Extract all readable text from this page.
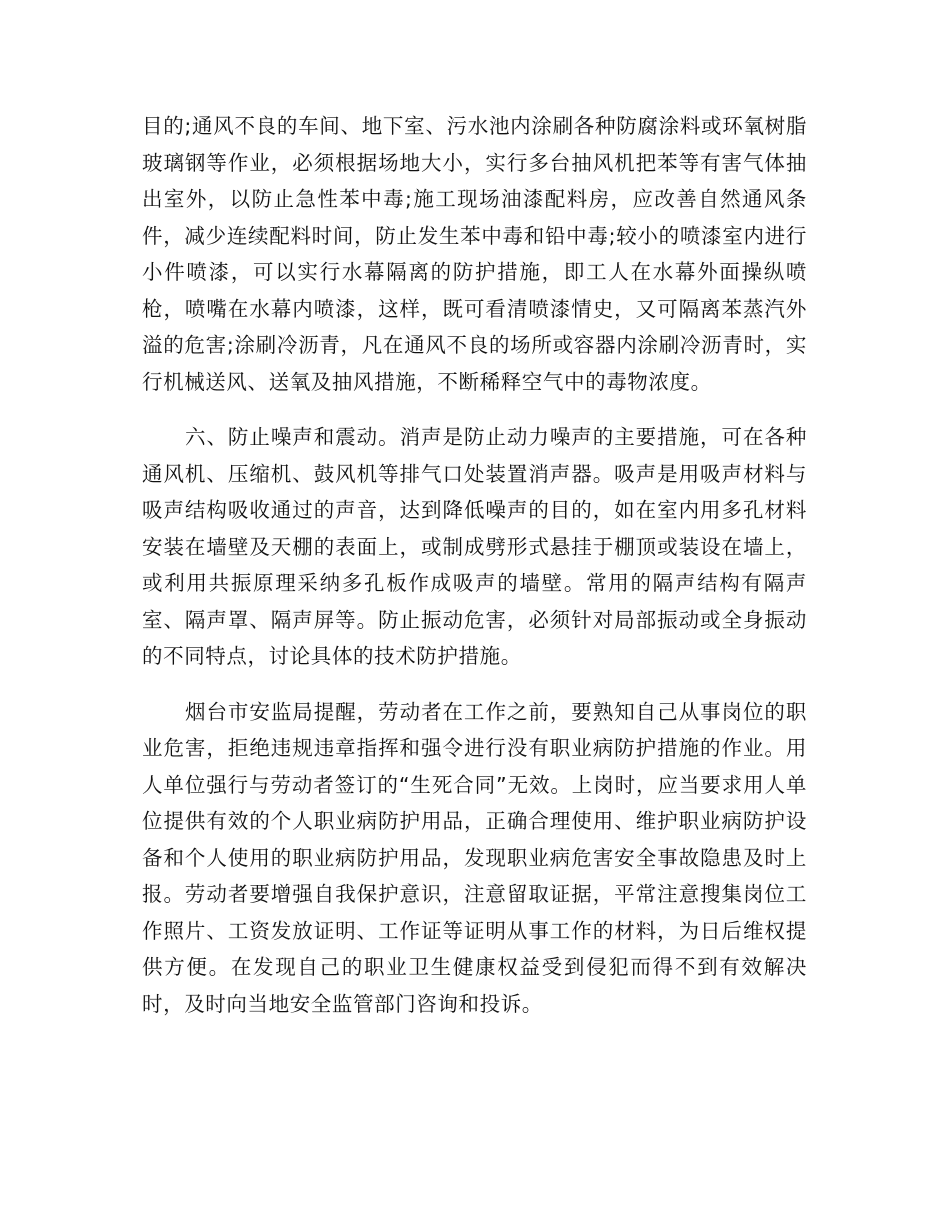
目的;通风不良的车间、地下室、污水池内涂刷各种防腐涂料或环氧树脂玻璃钢等作业，必须根据场地大小，实行多台抽风机把苯等有害气体抽出室外，以防止急性苯中毒;施工现场油漆配料房，应改善自然通风条件，减少连续配料时间，防止发生苯中毒和铅中毒;较小的喷漆室内进行小件喷漆，可以实行水幕隔离的防护措施，即工人在水幕外面操纵喷枪，喷嘴在水幕内喷漆，这样，既可看清喷漆情史，又可隔离苯蒸汽外溢的危害;涂刷冷沥青，凡在通风不良的场所或容器内涂刷冷沥青时，实行机械送风、送氧及抽风措施，不断稀释空气中的毒物浓度。

六、防止噪声和震动。消声是防止动力噪声的主要措施，可在各种通风机、压缩机、鼓风机等排气口处装置消声器。吸声是用吸声材料与吸声结构吸收通过的声音，达到降低噪声的目的，如在室内用多孔材料安装在墙壁及天棚的表面上，或制成劈形式悬挂于棚顶或装设在墙上，或利用共振原理采纳多孔板作成吸声的墙壁。常用的隔声结构有隔声室、隔声罩、隔声屏等。防止振动危害，必须针对局部振动或全身振动的不同特点，讨论具体的技术防护措施。

烟台市安监局提醒，劳动者在工作之前，要熟知自己从事岗位的职业危害，拒绝违规违章指挥和强令进行没有职业病防护措施的作业。用人单位强行与劳动者签订的“生死合同”无效。上岗时，应当要求用人单位提供有效的个人职业病防护用品，正确合理使用、维护职业病防护设备和个人使用的职业病防护用品，发现职业病危害安全事故隐患及时上报。劳动者要增强自我保护意识，注意留取证据，平常注意搜集岗位工作照片、工资发放证明、工作证等证明从事工作的材料，为日后维权提供方便。在发现自己的职业卫生健康权益受到侵犯而得不到有效解决时，及时向当地安全监管部门咨询和投诉。
